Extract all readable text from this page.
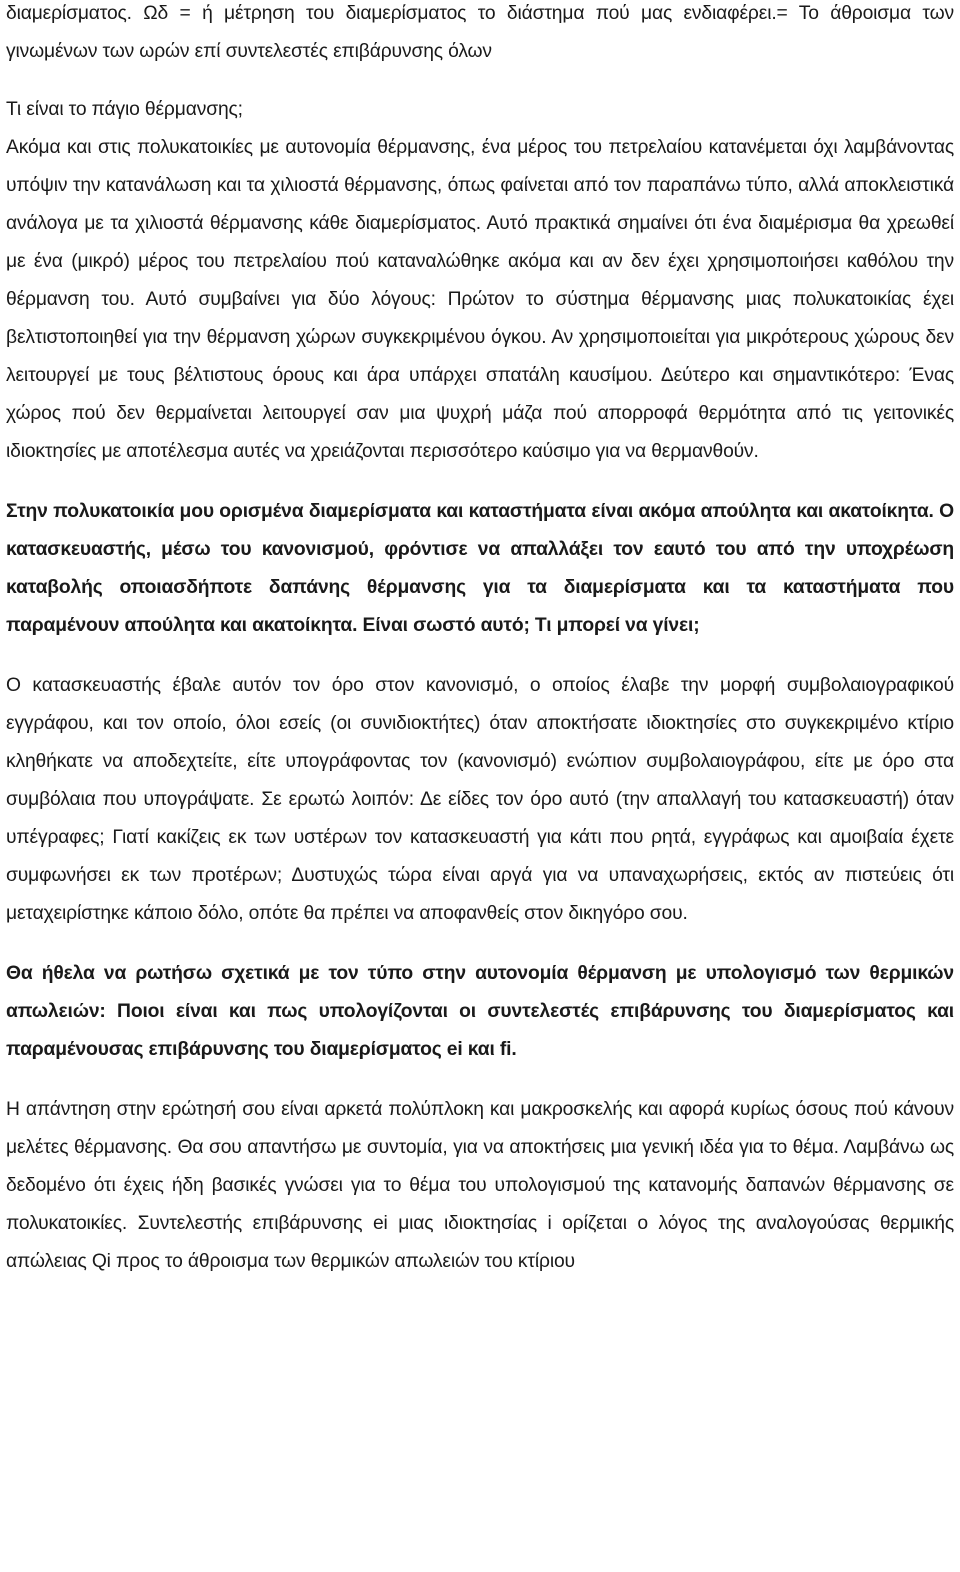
διαμερίσματος. Ωδ = ή μέτρηση του διαμερίσματος το διάστημα πού μας ενδιαφέρει.= Το άθροισμα των γινωμένων των ωρών επί συντελεστές επιβάρυνσης όλων

Τι είναι το πάγιο θέρμανσης;

Ακόμα και στις πολυκατοικίες με αυτονομία θέρμανσης, ένα μέρος του πετρελαίου κατανέμεται όχι λαμβάνοντας υπόψιν την κατανάλωση και τα χιλιοστά θέρμανσης, όπως φαίνεται από τον παραπάνω τύπο, αλλά αποκλειστικά ανάλογα με τα χιλιοστά θέρμανσης κάθε διαμερίσματος. Αυτό πρακτικά σημαίνει ότι ένα διαμέρισμα θα χρεωθεί με ένα (μικρό) μέρος του πετρελαίου πού καταναλώθηκε ακόμα και αν δεν έχει χρησιμοποιήσει καθόλου την θέρμανση του. Αυτό συμβαίνει για δύο λόγους: Πρώτον το σύστημα θέρμανσης μιας πολυκατοικίας έχει βελτιστοποιηθεί για την θέρμανση χώρων συγκεκριμένου όγκου. Αν χρησιμοποιείται για μικρότερους χώρους δεν λειτουργεί με τους βέλτιστους όρους και άρα υπάρχει σπατάλη καυσίμου. Δεύτερο και σημαντικότερο: Ένας χώρος πού δεν θερμαίνεται λειτουργεί σαν μια ψυχρή μάζα πού απορροφά θερμότητα από τις γειτονικές ιδιοκτησίες με αποτέλεσμα αυτές να χρειάζονται περισσότερο καύσιμο για να θερμανθούν.

Στην πολυκατοικία μου ορισμένα διαμερίσματα και καταστήματα είναι ακόμα απούλητα και ακατοίκητα. Ο κατασκευαστής, μέσω του κανονισμού, φρόντισε να απαλλάξει τον εαυτό του από την υποχρέωση καταβολής οποιασδήποτε δαπάνης θέρμανσης για τα διαμερίσματα και τα καταστήματα που παραμένουν απούλητα και ακατοίκητα. Είναι σωστό αυτό; Τι μπορεί να γίνει;

Ο κατασκευαστής έβαλε αυτόν τον όρο στον κανονισμό, ο οποίος έλαβε την μορφή συμβολαιογραφικού εγγράφου, και τον οποίο, όλοι εσείς (οι συνιδιοκτήτες) όταν αποκτήσατε ιδιοκτησίες στο συγκεκριμένο κτίριο κληθήκατε να αποδεχτείτε, είτε υπογράφοντας τον (κανονισμό) ενώπιον συμβολαιογράφου, είτε με όρο στα συμβόλαια που υπογράψατε. Σε ερωτώ λοιπόν: Δε είδες τον όρο αυτό (την απαλλαγή του κατασκευαστή) όταν υπέγραφες; Γιατί κακίζεις εκ των υστέρων τον κατασκευαστή για κάτι που ρητά, εγγράφως και αμοιβαία έχετε συμφωνήσει εκ των προτέρων; Δυστυχώς τώρα είναι αργά για να υπαναχωρήσεις, εκτός αν πιστεύεις ότι μεταχειρίστηκε κάποιο δόλο, οπότε θα πρέπει να αποφανθείς στον δικηγόρο σου.

Θα ήθελα να ρωτήσω σχετικά με τον τύπο στην αυτονομία θέρμανση με υπολογισμό των θερμικών απωλειών: Ποιοι είναι και πως υπολογίζονται οι συντελεστές επιβάρυνσης του διαμερίσματος και παραμένουσας επιβάρυνσης του διαμερίσματος ei και fi.

Η απάντηση στην ερώτησή σου είναι αρκετά πολύπλοκη και μακροσκελής και αφορά κυρίως όσους πού κάνουν μελέτες θέρμανσης. Θα σου απαντήσω με συντομία, για να αποκτήσεις μια γενική ιδέα για το θέμα. Λαμβάνω ως δεδομένο ότι έχεις ήδη βασικές γνώσει για το θέμα του υπολογισμού της κατανομής δαπανών θέρμανσης σε πολυκατοικίες. Συντελεστής επιβάρυνσης ei μιας ιδιοκτησίας i ορίζεται ο λόγος της αναλογούσας θερμικής απώλειας Qi προς το άθροισμα των θερμικών απωλειών του κτίριου
